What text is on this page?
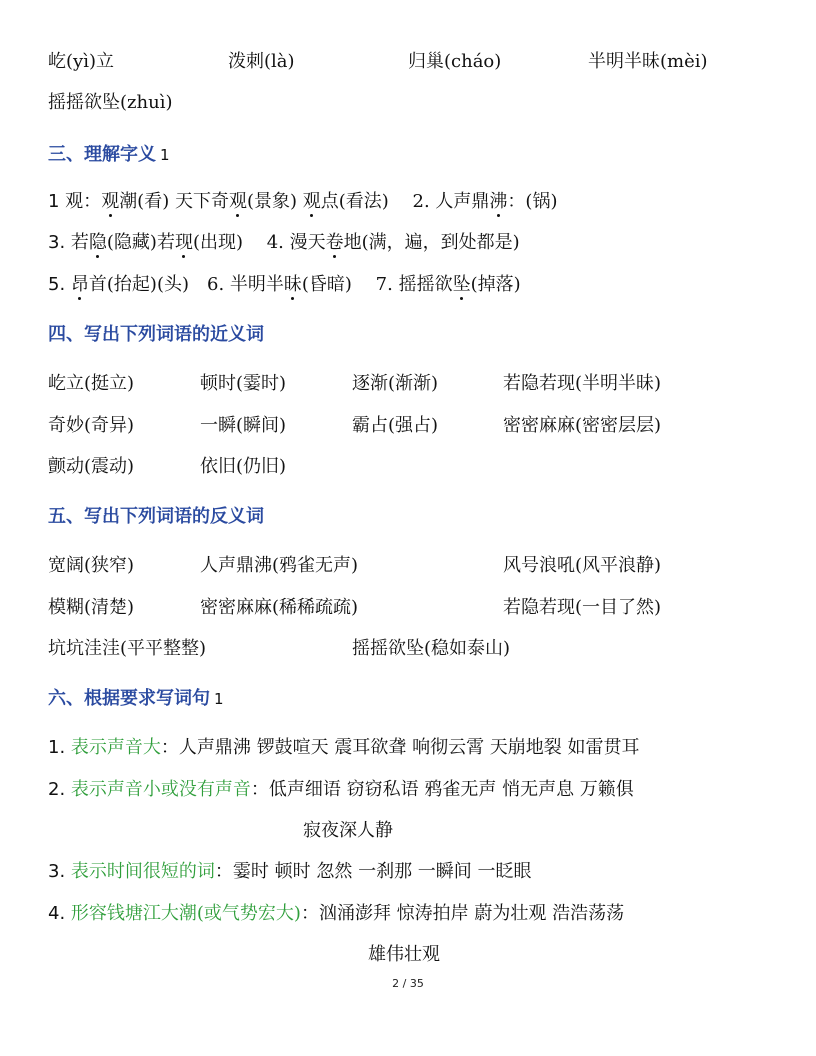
屹(yì)立	泼刺(là)	归巢(cháo)	半明半昧(mèi)
摇摇欲坠(zhuì)
三、理解字义 1
1 观：观潮(看) 天下奇观(景象) 观点(看法)　 2. 人声鼎沸：(锅)
3. 若隐(隐藏)若现(出现)　 4. 漫天卷地(满，遍，到处都是)
5. 昂首(抬起)(头)　6. 半明半昧(昏暗)　 7. 摇摇欲坠(掉落)
四、写出下列词语的近义词
屹立(挺立)	顿时(霎时)	逐渐(渐渐)	若隐若现(半明半昧)
奇妙(奇异)	一瞬(瞬间)	霸占(强占)	密密麻麻(密密层层)
颤动(震动)	依旧(仍旧)
五、写出下列词语的反义词
宽阔(狭窄)	人声鼎沸(鸦雀无声)	风号浪吼(风平浪静)
模糊(清楚)	密密麻麻(稀稀疏疏)	若隐若现(一目了然)
坑坑洼洼(平平整整)	摇摇欲坠(稳如泰山)
六、根据要求写词句 1
1. 表示声音大：人声鼎沸 锣鼓喧天 震耳欲聋 响彻云霄 天崩地裂 如雷贯耳
2. 表示声音小或没有声音：低声细语 窃窃私语 鸦雀无声 悄无声息 万籁俱
寂夜深人静
3. 表示时间很短的词：霎时 顿时 忽然 一刹那 一瞬间 一眨眼
4. 形容钱塘江大潮(或气势宏大)：汹涌澎拜 惊涛拍岸 蔚为壮观 浩浩荡荡
雄伟壮观
2 / 35
